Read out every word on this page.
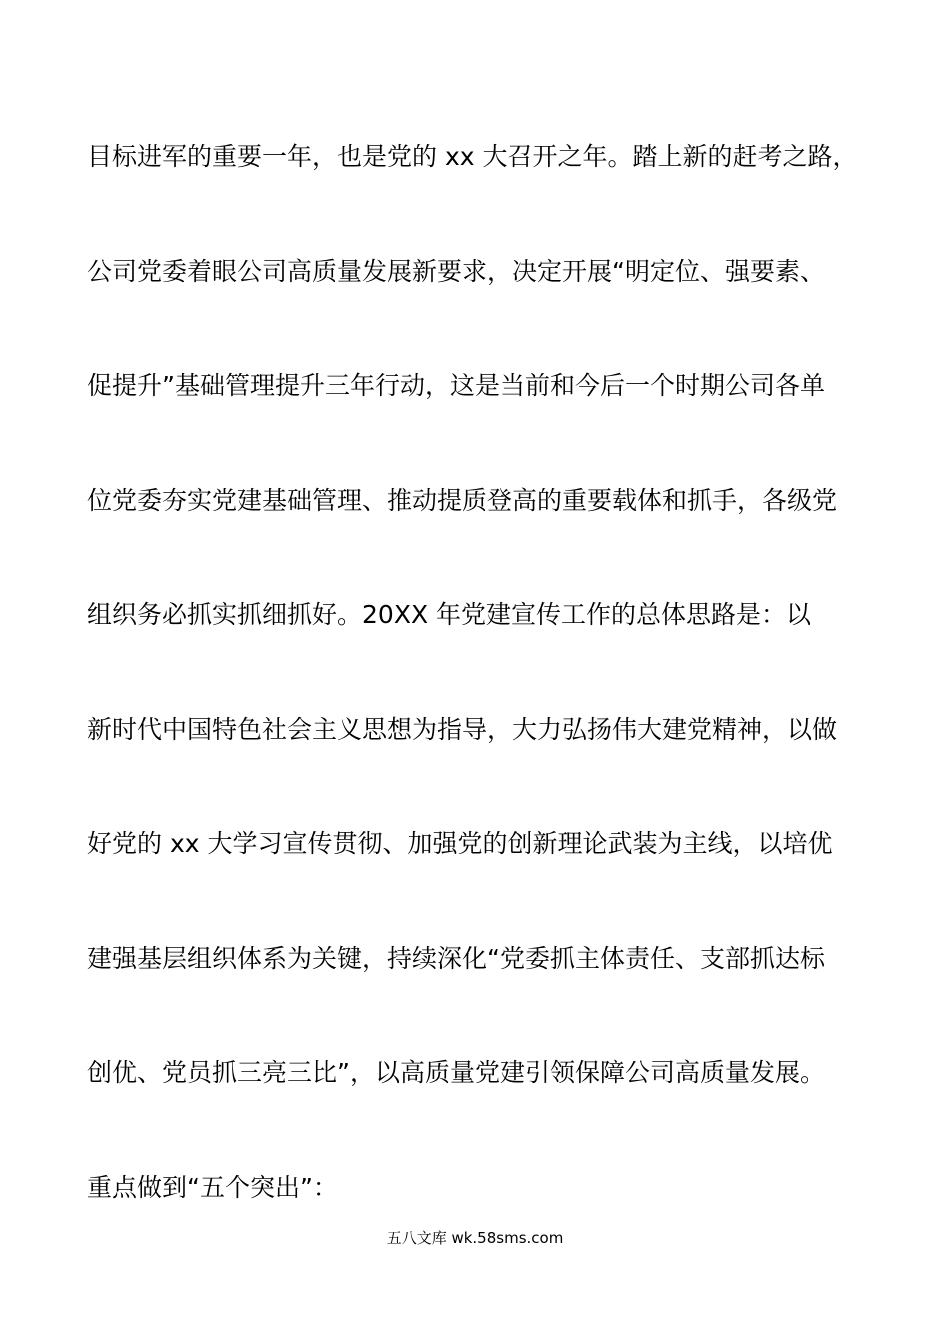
目标进军的重要一年，也是党的 xx 大召开之年。踏上新的赶考之路，
公司党委着眼公司高质量发展新要求，决定开展“明定位、强要素、
促提升”基础管理提升三年行动，这是当前和今后一个时期公司各单
位党委夯实党建基础管理、推动提质登高的重要载体和抓手，各级党
组织务必抓实抓细抓好。20XX 年党建宣传工作的总体思路是：以
新时代中国特色社会主义思想为指导，大力弘扬伟大建党精神，以做
好党的 xx 大学习宣传贯彻、加强党的创新理论武装为主线，以培优
建强基层组织体系为关键，持续深化“党委抓主体责任、支部抓达标
创优、党员抓三亮三比”，以高质量党建引领保障公司高质量发展。
重点做到“五个突出”：
五八文库 wk.58sms.com
